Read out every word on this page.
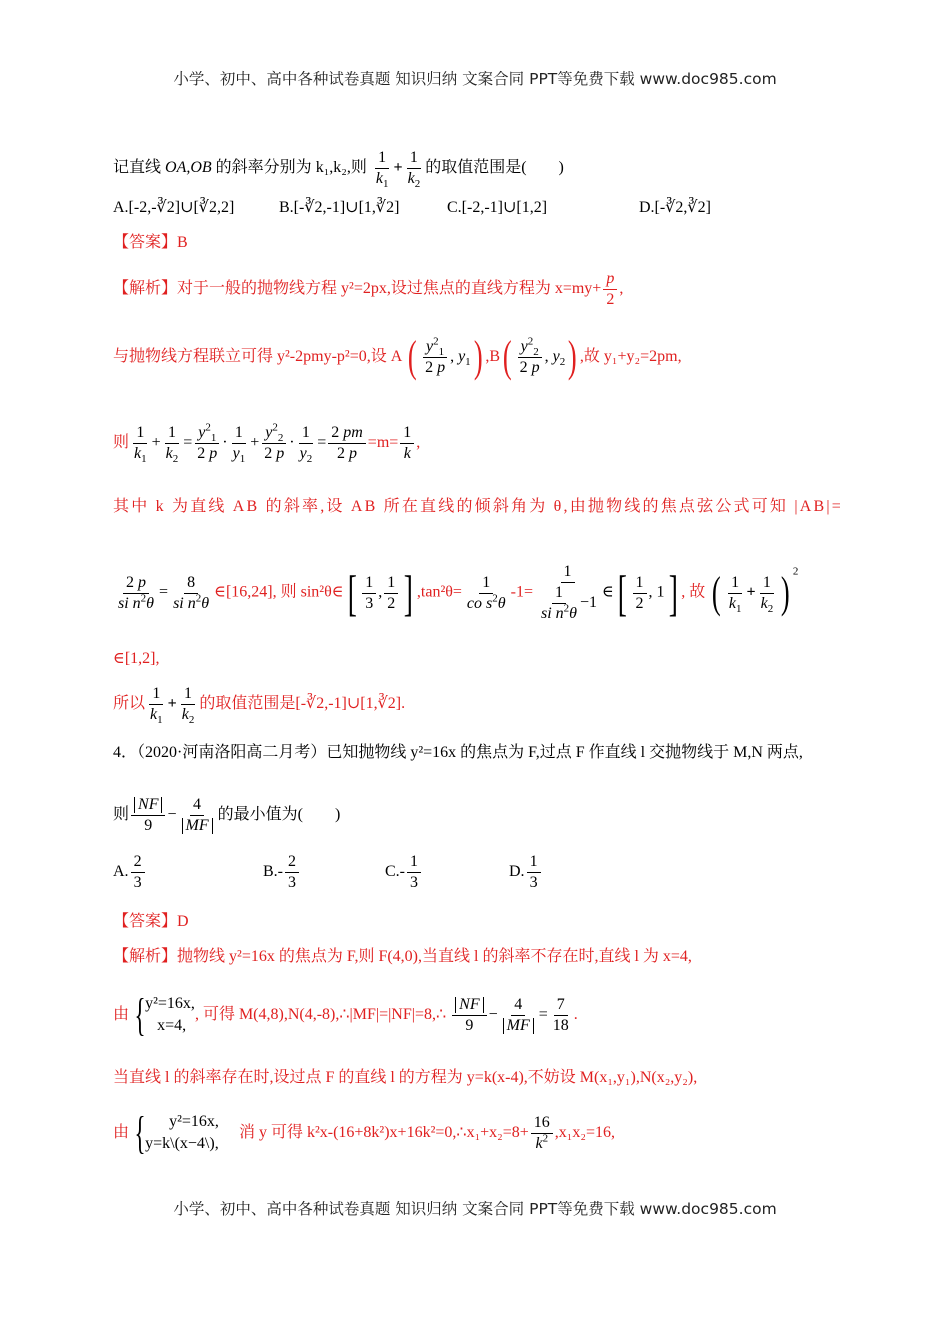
小学、初中、高中各种试卷真题 知识归纳 文案合同 PPT等免费下载 www.doc985.com
记直线 OA,OB 的斜率分别为 k₁,k₂,则 $\frac{1}{k_1} + \frac{1}{k_2}$ 的取值范围是(　　)
A.[-2,-∛2]∪[∛2,2]	B.[-∛2,-1]∪[1,∛2]	C.[-2,-1]∪[1,2]	D.[-∛2,∛2]
【答案】B
【解析】对于一般的抛物线方程 y²=2px,设过焦点的直线方程为 $x=my+ \frac{p}{2}$ ,
与抛物线方程联立可得 y²-2pmy-p²=0,设 A ( $\frac{y^2_1}{2 p}$ , $y_1$) $,B( \frac{y^2_2}{2 p}$ , $y_2$) ,故 y₁+y₂=2pm,
则 $\frac{1}{k_1} + \frac{1}{k_2} = \frac{y^2_1}{2 p} \cdot \frac{1}{y_1} + \frac{y^2_2}{2 p} \cdot \frac{1}{y_2} = \frac{2 pm}{2 p} =m= \frac{1}{k}$ ,
其中 k 为直线 AB 的斜率,设 AB 所在直线的倾斜角为 θ,由抛物线的焦点弦公式可知 |AB|=
$\frac{2 p}{si n^2\theta} = \frac{8}{si n^2\theta}$ ∈[16,24], 则 sin²θ∈[ $\frac{1}{3}$ , $\frac{1}{2}$ ] $,\tan^2\theta= \frac{1}{co s^2\theta} -1= \frac{1}{\frac{1}{si n^2\theta} -1}$ ∈[ $\frac{1}{2}$ , 1] , 故 ( $\frac{1}{k_1} + \frac{1}{k_2}$ ) $^2$
∈[1,2],
所以 $\frac{1}{k_1} + \frac{1}{k_2}$ 的取值范围是[-∛2,-1]∪[1,∛2].
4．（2020·河南洛阳高二月考）已知抛物线 y²=16x 的焦点为 F,过点 F 作直线 l 交抛物线于 M,N 两点,
则 $\frac{NF}{9} - \frac{4}{MF}$ 的最小值为(　　)
A. $\frac{2}{3}$	$B.- \frac{2}{3}$	$C.- \frac{1}{3}$	D. $\frac{1}{3}$
【答案】D
【解析】抛物线 y²=16x 的焦点为 F,则 F(4,0),当直线 l 的斜率不存在时,直线 l 为 x=4,
由 { y²=16x,
x=4,
, 可得 M(4,8),N(4,-8),∴|MF|=|NF|=8,∴ $\frac{NF}{9} - \frac{4}{MF} = \frac{7}{18}$ .
当直线 l 的斜率存在时,设过点 F 的直线 l 的方程为 y=k(x-4),不妨设 M(x₁,y₁),N(x₂,y₂),
由 {	y²=16x,
y=k\(x−4\),
消 y 可得 k²x-(16+8k²)x+16k²=0,∴x₁+x₂=8+ $\frac{16}{k^2} ,x_1x_2=16$,
小学、初中、高中各种试卷真题 知识归纳 文案合同 PPT等免费下载 www.doc985.com
